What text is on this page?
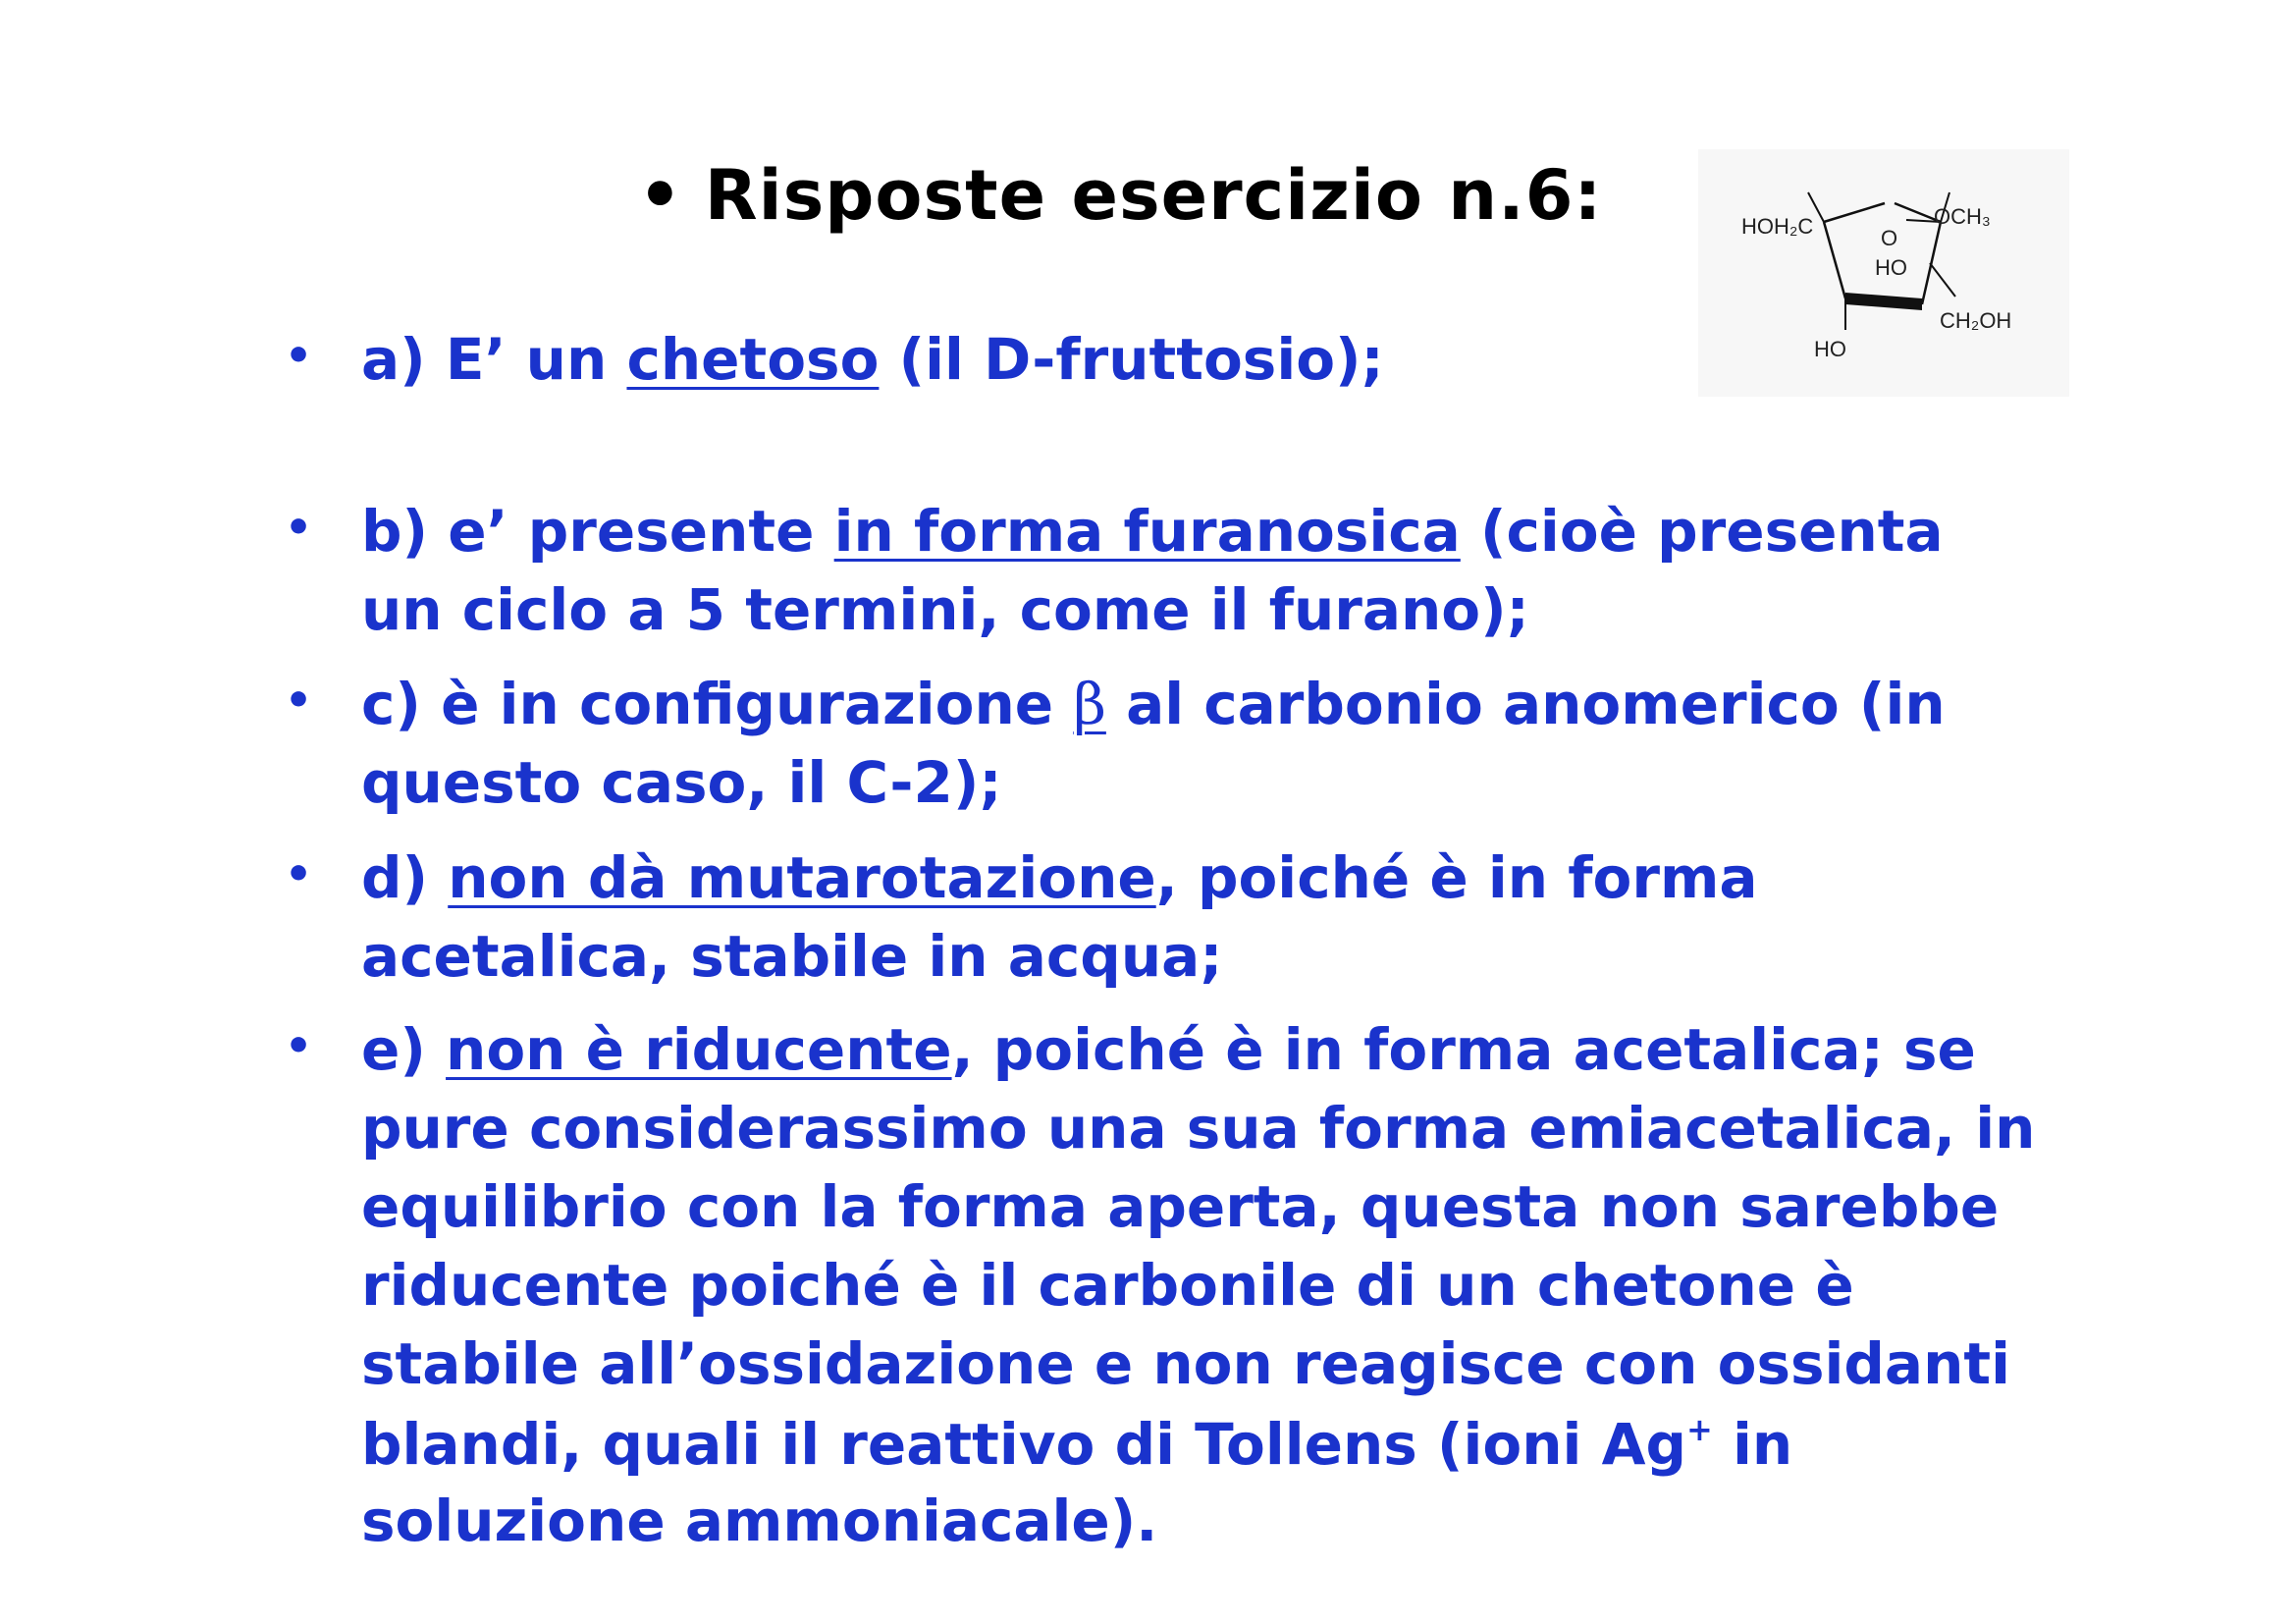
• Risposte esercizio n.6:	HOH₂C	O
OCH₃
HO
CH₂OH
HO
• a) E’ un chetoso (il D-fruttosio);
• b) e’ presente in forma furanosica (cioè presenta
un ciclo a 5 termini, come il furano);
• c) è in configurazione β al carbonio anomerico (in
questo caso, il C-2);
• d) non dà mutarotazione, poiché è in forma
acetalica, stabile in acqua;
• e) non è riducente, poiché è in forma acetalica; se
pure considerassimo una sua forma emiacetalica, in
equilibrio con la forma aperta, questa non sarebbe
riducente poiché è il carbonile di un chetone è
stabile all’ossidazione e non reagisce con ossidanti
blandi, quali il reattivo di Tollens (ioni Ag+ in
soluzione ammoniacale).
